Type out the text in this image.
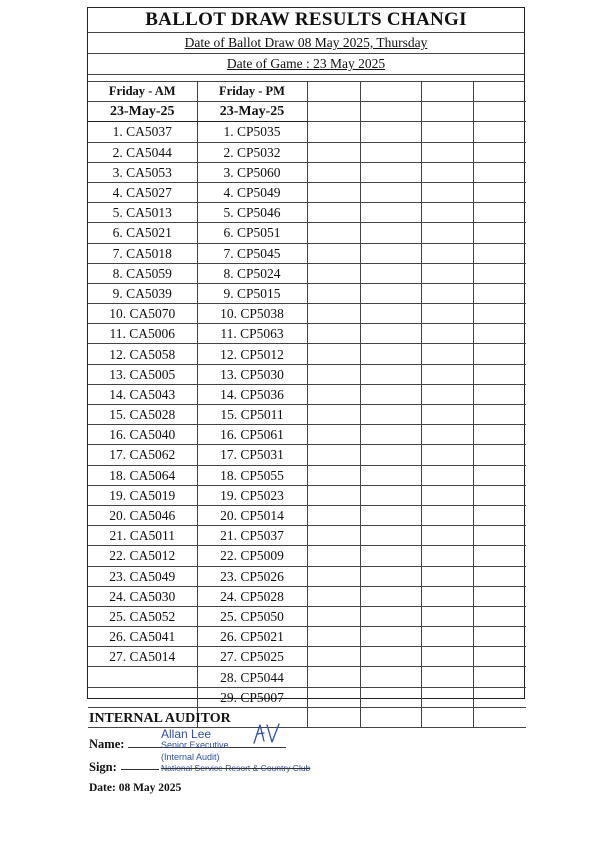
BALLOT DRAW RESULTS CHANGI
Date of Ballot Draw 08 May 2025, Thursday
Date of Game : 23 May 2025
Friday - AM	Friday - PM				
23-May-25	23-May-25				
1. CA5037	1. CP5035				
2. CA5044	2. CP5032				
3. CA5053	3. CP5060				
4. CA5027	4. CP5049				
5. CA5013	5. CP5046				
6. CA5021	6. CP5051				
7. CA5018	7. CP5045				
8. CA5059	8. CP5024				
9. CA5039	9. CP5015				
10. CA5070	10. CP5038				
11. CA5006	11. CP5063				
12. CA5058	12. CP5012				
13. CA5005	13. CP5030				
14. CA5043	14. CP5036				
15. CA5028	15. CP5011				
16. CA5040	16. CP5061				
17. CA5062	17. CP5031				
18. CA5064	18. CP5055				
19. CA5019	19. CP5023				
20. CA5046	20. CP5014				
21. CA5011	21. CP5037				
22. CA5012	22. CP5009				
23. CA5049	23. CP5026				
24. CA5030	24. CP5028				
25. CA5052	25. CP5050				
26. CA5041	26. CP5021				
27. CA5014	27. CP5025				
	28. CP5044				
	29. CP5007				

INTERNAL AUDITOR
Name:
Sign:
Allan Lee
Senior Executive
(Internal Audit)
National Service Resort & Country Club
Date: 08 May 2025
